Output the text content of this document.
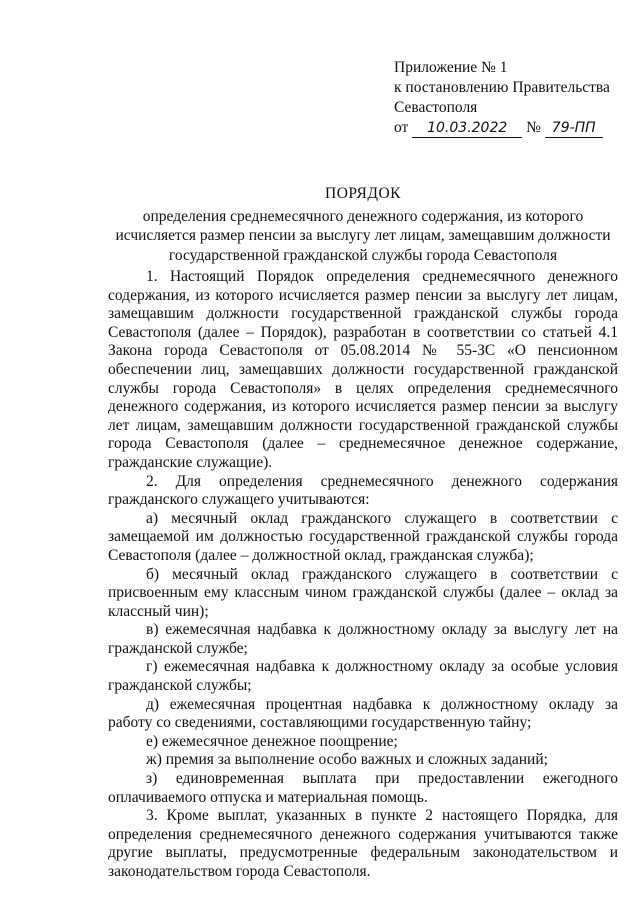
Приложение № 1
к постановлению Правительства
Севастополя
от 10.03.2022 № 79-ПП
ПОРЯДОК
определения среднемесячного денежного содержания, из которого исчисляется размер пенсии за выслугу лет лицам, замещавшим должности государственной гражданской службы города Севастополя

1. Настоящий Порядок определения среднемесячного денежного содержания, из которого исчисляется размер пенсии за выслугу лет лицам, замещавшим должности государственной гражданской службы города Севастополя (далее – Порядок), разработан в соответствии со статьей 4.1 Закона города Севастополя от 05.08.2014 № 55-ЗС «О пенсионном обеспечении лиц, замещавших должности государственной гражданской службы города Севастополя» в целях определения среднемесячного денежного содержания, из которого исчисляется размер пенсии за выслугу лет лицам, замещавшим должности государственной гражданской службы города Севастополя (далее – среднемесячное денежное содержание, гражданские служащие).

2. Для определения среднемесячного денежного содержания гражданского служащего учитываются:

а) месячный оклад гражданского служащего в соответствии с замещаемой им должностью государственной гражданской службы города Севастополя (далее – должностной оклад, гражданская служба);

б) месячный оклад гражданского служащего в соответствии с присвоенным ему классным чином гражданской службы (далее – оклад за классный чин);

в) ежемесячная надбавка к должностному окладу за выслугу лет на гражданской службе;

г) ежемесячная надбавка к должностному окладу за особые условия гражданской службы;

д) ежемесячная процентная надбавка к должностному окладу за работу со сведениями, составляющими государственную тайну;

е) ежемесячное денежное поощрение;

ж) премия за выполнение особо важных и сложных заданий;

з) единовременная выплата при предоставлении ежегодного оплачиваемого отпуска и материальная помощь.

3. Кроме выплат, указанных в пункте 2 настоящего Порядка, для определения среднемесячного денежного содержания учитываются также другие выплаты, предусмотренные федеральным законодательством и законодательством города Севастополя.
